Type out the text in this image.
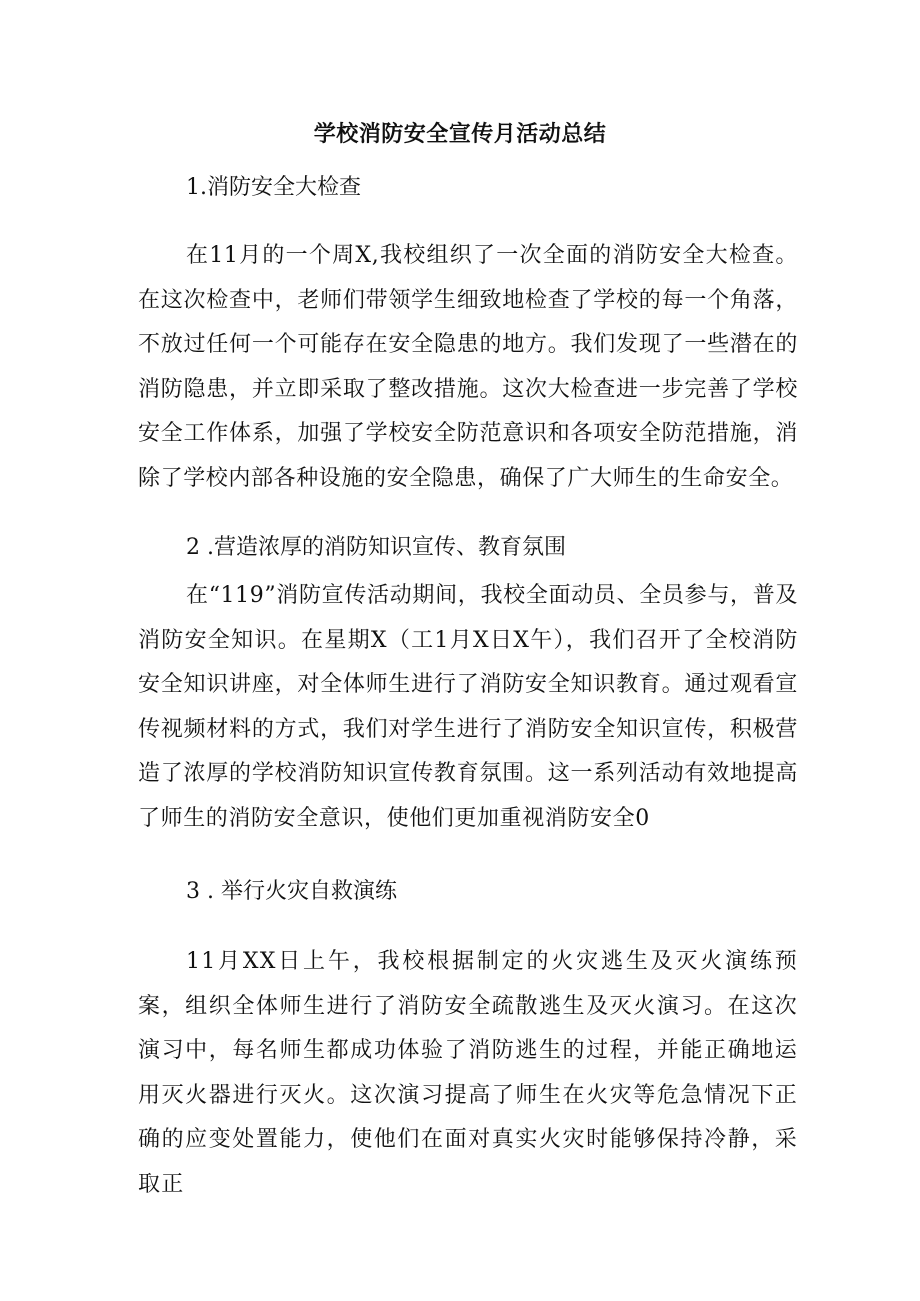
学校消防安全宣传月活动总结
1.消防安全大检查
在11月的一个周X,我校组织了一次全面的消防安全大检查。在这次检查中，老师们带领学生细致地检查了学校的每一个角落，不放过任何一个可能存在安全隐患的地方。我们发现了一些潜在的消防隐患，并立即采取了整改措施。这次大检查进一步完善了学校安全工作体系，加强了学校安全防范意识和各项安全防范措施，消除了学校内部各种设施的安全隐患，确保了广大师生的生命安全。
2 .营造浓厚的消防知识宣传、教育氛围
在“119”消防宣传活动期间，我校全面动员、全员参与，普及消防安全知识。在星期X（工1月X日X午），我们召开了全校消防安全知识讲座，对全体师生进行了消防安全知识教育。通过观看宣传视频材料的方式，我们对学生进行了消防安全知识宣传，积极营造了浓厚的学校消防知识宣传教育氛围。这一系列活动有效地提高了师生的消防安全意识，使他们更加重视消防安全0
3 . 举行火灾自救演练
11月XX日上午，我校根据制定的火灾逃生及灭火演练预案，组织全体师生进行了消防安全疏散逃生及灭火演习。在这次演习中，每名师生都成功体验了消防逃生的过程，并能正确地运用灭火器进行灭火。这次演习提高了师生在火灾等危急情况下正确的应变处置能力，使他们在面对真实火灾时能够保持冷静，采取正
